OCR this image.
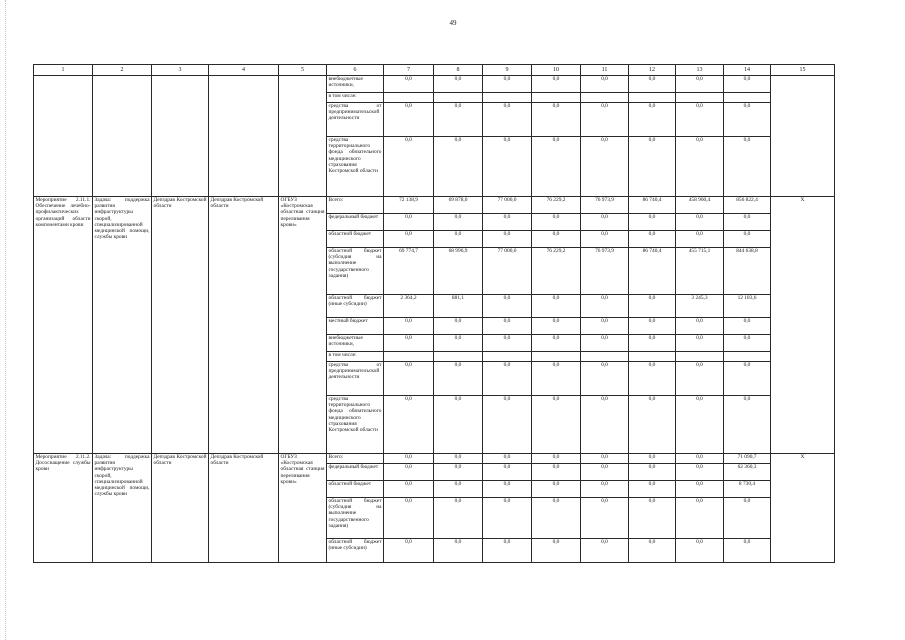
49
1	2	3	4	5	6	7	8	9	10	11	12	13	14	15
					внебюджетные источники,	0,0	0,0	0,0	0,0	0,0	0,0	0,0	0,0	
					в том числе:									
					средства от предпринимательской деятельности	0,0	0,0	0,0	0,0	0,0	0,0	0,0	0,0	
					средства территориального фонда обязательного медицинского страхования Костромской области	0,0	0,0	0,0	0,0	0,0	0,0	0,0	0,0	
Мероприятие 2.11.1. Обеспечение лечебно-профилактических организаций области компонентами крови	Задача: поддержка развития инфраструктуры скорой, специализированной медицинской помощи, службы крови	Депздрав Костромской области	Депздрав Костромской области	ОГБУЗ «Костромская областная станция переливания крови»	Всего:	72 138,9	69 878,0	77 000,0	76 229,2	76 973,9	86 740,4	458 960,4	856 822,4	Х
					федеральный бюджет	0,0	0,0	0,0	0,0	0,0	0,0	0,0	0,0	
					областной бюджет	0,0	0,0	0,0	0,0	0,0	0,0	0,0	0,0	
					областной бюджет (субсидия на выполнение государственного задания)	69 774,7	68 996,9	77 000,0	76 229,2	76 973,9	86 740,4	455 715,1	844 638,8	
					областной бюджет (иные субсидии)	2 364,2	881,1	0,0	0,0	0,0	0,0	3 245,3	12 183,6	
					местный бюджет	0,0	0,0	0,0	0,0	0,0	0,0	0,0	0,0	
					внебюджетные источники,	0,0	0,0	0,0	0,0	0,0	0,0	0,0	0,0	
					в том числе:									
					средства от предпринимательской деятельности	0,0	0,0	0,0	0,0	0,0	0,0	0,0	0,0	
					средства территориального фонда обязательного медицинского страхования Костромской области	0,0	0,0	0,0	0,0	0,0	0,0	0,0	0,0	
Мероприятие 2.11.2. Дососнащение службы крови	Задача: поддержка развития инфраструктуры скорой, специализированной медицинской помощи, службы крови	Депздрав Костромской области	Депздрав Костромской области	ОГБУЗ «Костромская областная станция переливания крови»	Всего:	0,0	0,0	0,0	0,0	0,0	0,0	0,0	71 090,7	Х
					федеральный бюджет	0,0	0,0	0,0	0,0	0,0	0,0	0,0	62 360,3	
					областной бюджет	0,0	0,0	0,0	0,0	0,0	0,0	0,0	8 730,4	
					областной бюджет (субсидия на выполнение государственного задания)	0,0	0,0	0,0	0,0	0,0	0,0	0,0	0,0	
					областной бюджет (иные субсидии)	0,0	0,0	0,0	0,0	0,0	0,0	0,0	0,0	
